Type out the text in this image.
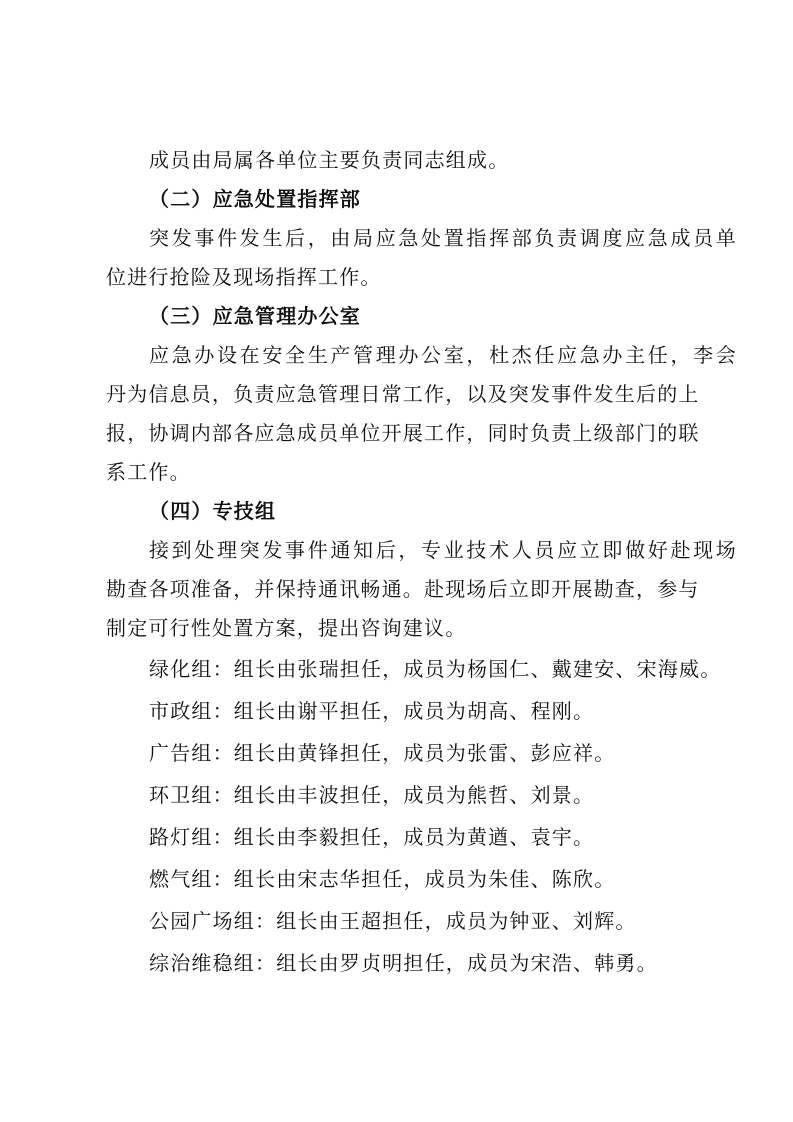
成员由局属各单位主要负责同志组成。
（二）应急处置指挥部
突发事件发生后，由局应急处置指挥部负责调度应急成员单
位进行抢险及现场指挥工作。
（三）应急管理办公室
应急办设在安全生产管理办公室，杜杰任应急办主任，李会
丹为信息员，负责应急管理日常工作，以及突发事件发生后的上
报，协调内部各应急成员单位开展工作，同时负责上级部门的联
系工作。
（四）专技组
接到处理突发事件通知后，专业技术人员应立即做好赴现场
勘查各项准备，并保持通讯畅通。赴现场后立即开展勘查，参与
制定可行性处置方案，提出咨询建议。
绿化组：组长由张瑞担任，成员为杨国仁、戴建安、宋海威。
市政组：组长由谢平担任，成员为胡高、程刚。
广告组：组长由黄锋担任，成员为张雷、彭应祥。
环卫组：组长由丰波担任，成员为熊哲、刘景。
路灯组：组长由李毅担任，成员为黄遒、袁宇。
燃气组：组长由宋志华担任，成员为朱佳、陈欣。
公园广场组：组长由王超担任，成员为钟亚、刘辉。
综治维稳组：组长由罗贞明担任，成员为宋浩、韩勇。
